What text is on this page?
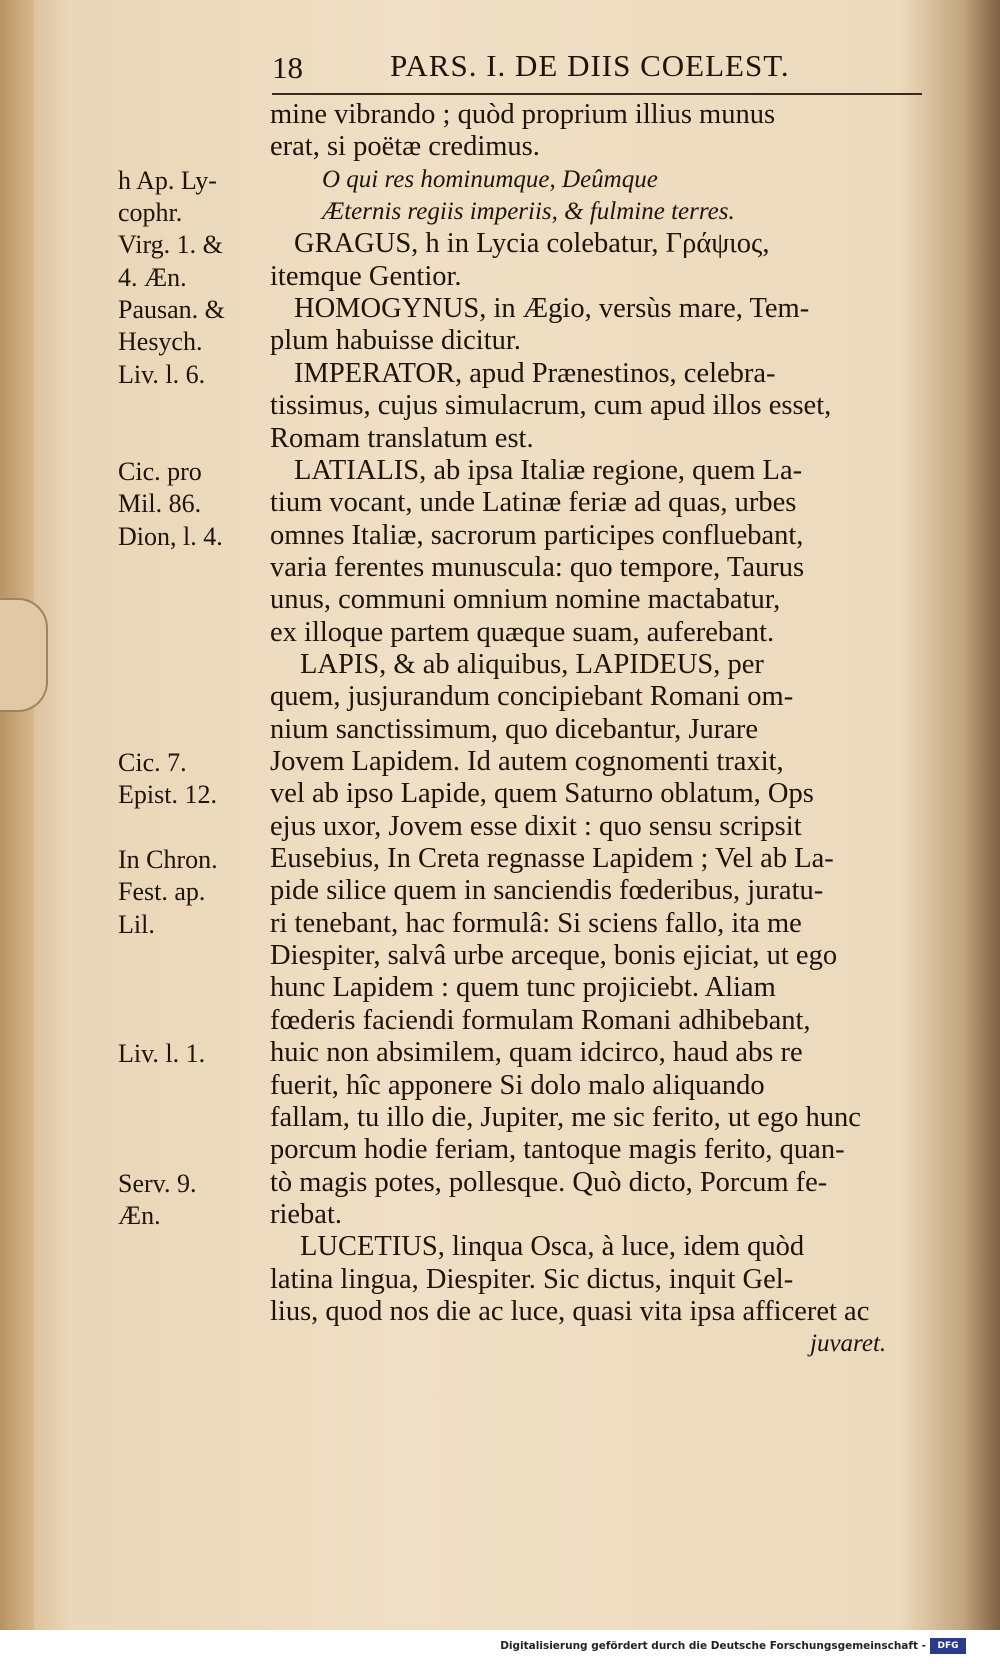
18	PARS. I. DE DIIS COELEST.
mine vibrando ; quòd proprium illius munus
erat, si poëtæ credimus.
O qui res hominumque, Deûmque
Æternis regiis imperiis, & fulmine terres.
GRAGUS, h in Lycia colebatur, Γράψιος,
itemque Gentior.
HOMOGYNUS, in Ægio, versùs mare, Tem-
plum habuisse dicitur.
IMPERATOR, apud Prænestinos, celebra-
tissimus, cujus simulacrum, cum apud illos esset,
Romam translatum est.
LATIALIS, ab ipsa Italiæ regione, quem La-
tium vocant, unde Latinæ feriæ ad quas, urbes
omnes Italiæ, sacrorum participes confluebant,
varia ferentes munuscula: quo tempore, Taurus
unus, communi omnium nomine mactabatur,
ex illoque partem quæque suam, auferebant.
LAPIS, & ab aliquibus, LAPIDEUS, per
quem, jusjurandum concipiebant Romani om-
nium sanctissimum, quo dicebantur, Jurare
Jovem Lapidem. Id autem cognomenti traxit,
vel ab ipso Lapide, quem Saturno oblatum, Ops
ejus uxor, Jovem esse dixit : quo sensu scripsit
Eusebius, In Creta regnasse Lapidem ; Vel ab La-
pide silice quem in sanciendis fœderibus, juratu-
ri tenebant, hac formulâ: Si sciens fallo, ita me
Diespiter, salvâ urbe arceque, bonis ejiciat, ut ego
hunc Lapidem : quem tunc projiciebt. Aliam
fœderis faciendi formulam Romani adhibebant,
huic non absimilem, quam idcirco, haud abs re
fuerit, hîc apponere Si dolo malo aliquando
fallam, tu illo die, Jupiter, me sic ferito, ut ego hunc
porcum hodie feriam, tantoque magis ferito, quan-
tò magis potes, pollesque. Quò dicto, Porcum fe-
riebat.
LUCETIUS, linqua Osca, à luce, idem quòd
latina lingua, Diespiter. Sic dictus, inquit Gel-
lius, quod nos die ac luce, quasi vita ipsa afficeret ac
juvaret.
h Ap. Ly-
cophr.
Virg. 1. &
4. Æn.
Pausan. &
Hesych.
Liv. l. 6.
Cic. pro
Mil. 86.
Dion, l. 4.
Cic. 7.
Epist. 12.
In Chron.
Fest. ap.
Lil.
Liv. l. 1.
Serv. 9.
Æn.
Digitalisierung gefördert durch die Deutsche Forschungsgemeinschaft -	DFG
